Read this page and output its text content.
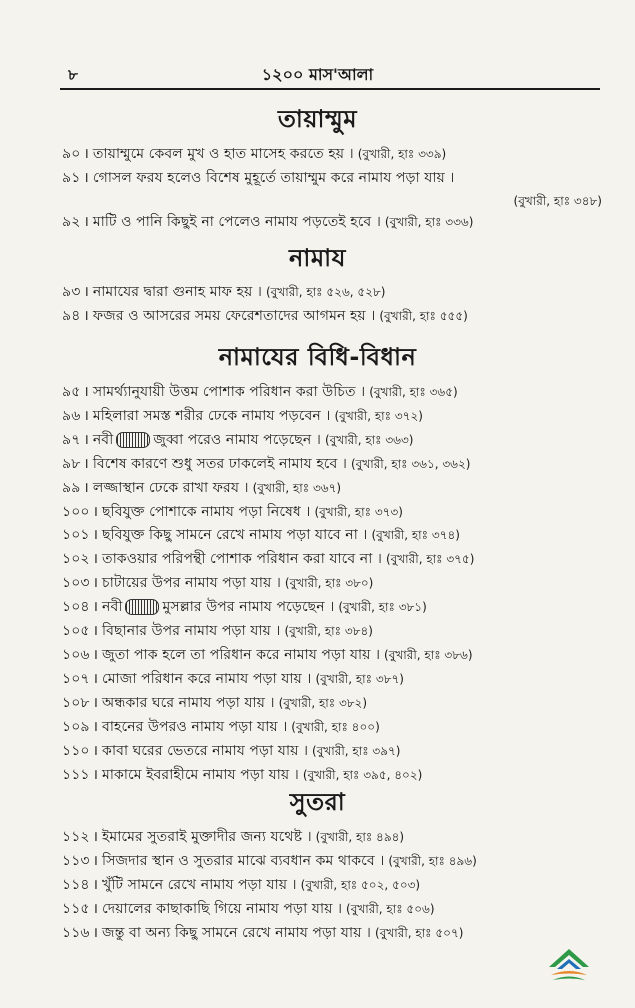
৮	১২০০ মাস'আলা
তায়াম্মুম
৯০ । তায়াম্মুমে কেবল মুখ ও হাত মাসেহ করতে হয় । (বুখারী, হাঃ ৩৩৯)
৯১ । গোসল ফরয হলেও বিশেষ মুহূর্তে তায়াম্মুম করে নামায পড়া যায় ।
(বুখারী, হাঃ ৩৪৮)
৯২ । মাটি ও পানি কিছুই না পেলেও নামায পড়তেই হবে । (বুখারী, হাঃ ৩৩৬)
নামায
৯৩ । নামাযের দ্বারা গুনাহ মাফ হয় । (বুখারী, হাঃ ৫২৬, ৫২৮)
৯৪ । ফজর ও আসরের সময় ফেরেশতাদের আগমন হয় । (বুখারী, হাঃ ৫৫৫)
নামাযের বিধি-বিধান
৯৫ । সামর্থ্যানুযায়ী উত্তম পোশাক পরিধান করা উচিত । (বুখারী, হাঃ ৩৬৫)
৯৬ । মহিলারা সমস্ত শরীর ঢেকে নামায পড়বেন । (বুখারী, হাঃ ৩৭২)
৯৭ । নবী	জুব্বা পরেও নামায পড়েছেন । (বুখারী, হাঃ ৩৬৩)
৯৮ । বিশেষ কারণে শুধু সতর ঢাকলেই নামায হবে । (বুখারী, হাঃ ৩৬১, ৩৬২)
৯৯ । লজ্জাস্থান ঢেকে রাখা ফরয । (বুখারী, হাঃ ৩৬৭)
১০০ । ছবিযুক্ত পোশাকে নামায পড়া নিষেধ । (বুখারী, হাঃ ৩৭৩)
১০১ । ছবিযুক্ত কিছু সামনে রেখে নামায পড়া যাবে না । (বুখারী, হাঃ ৩৭৪)
১০২ । তাকওয়ার পরিপন্থী পোশাক পরিধান করা যাবে না । (বুখারী, হাঃ ৩৭৫)
১০৩ । চাটায়ের উপর নামায পড়া যায় । (বুখারী, হাঃ ৩৮০)
১০৪ । নবী	মুসল্লার উপর নামায পড়েছেন । (বুখারী, হাঃ ৩৮১)
১০৫ । বিছানার উপর নামায পড়া যায় । (বুখারী, হাঃ ৩৮৪)
১০৬ । জুতা পাক হলে তা পরিধান করে নামায পড়া যায় । (বুখারী, হাঃ ৩৮৬)
১০৭ । মোজা পরিধান করে নামায পড়া যায় । (বুখারী, হাঃ ৩৮৭)
১০৮ । অন্ধকার ঘরে নামায পড়া যায় । (বুখারী, হাঃ ৩৮২)
১০৯ । বাহনের উপরও নামায পড়া যায় । (বুখারী, হাঃ ৪০০)
১১০ । কাবা ঘরের ভেতরে নামায পড়া যায় । (বুখারী, হাঃ ৩৯৭)
১১১ । মাকামে ইবরাহীমে নামায পড়া যায় । (বুখারী, হাঃ ৩৯৫, ৪০২)
সুতরা
১১২ । ইমামের সুতরাই মুক্তাদীর জন্য যথেষ্ট । (বুখারী, হাঃ ৪৯৪)
১১৩ । সিজদার স্থান ও সুতরার মাঝে ব্যবধান কম থাকবে । (বুখারী, হাঃ ৪৯৬)
১১৪ । খুঁটি সামনে রেখে নামায পড়া যায় । (বুখারী, হাঃ ৫০২, ৫০৩)
১১৫ । দেয়ালের কাছাকাছি গিয়ে নামায পড়া যায় । (বুখারী, হাঃ ৫০৬)
১১৬ । জন্তু বা অন্য কিছু সামনে রেখে নামায পড়া যায় । (বুখারী, হাঃ ৫০৭)
